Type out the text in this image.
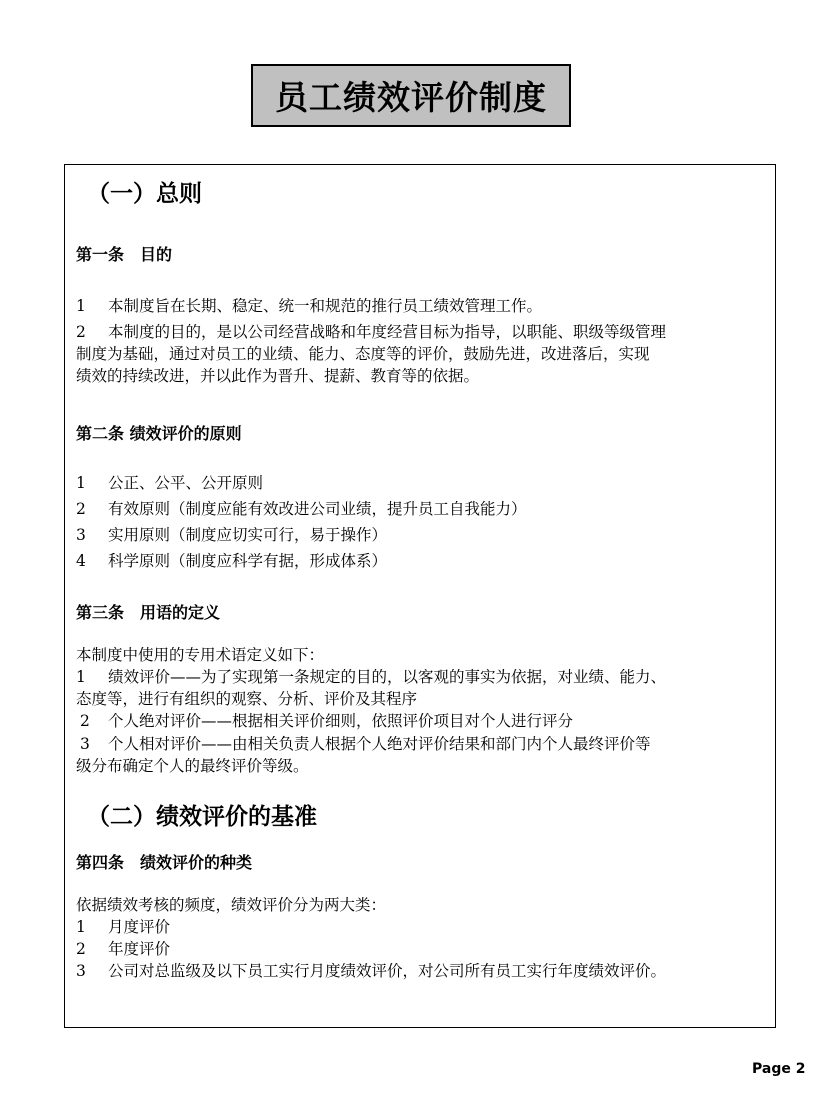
员工绩效评价制度
（一）总则
第一条　目的
1 本制度旨在长期、稳定、统一和规范的推行员工绩效管理工作。
2 本制度的目的，是以公司经营战略和年度经营目标为指导，以职能、职级等级管理
制度为基础，通过对员工的业绩、能力、态度等的评价，鼓励先进，改进落后，实现
绩效的持续改进，并以此作为晋升、提薪、教育等的依据。
第二条 绩效评价的原则
1 公正、公平、公开原则
2 有效原则（制度应能有效改进公司业绩，提升员工自我能力）
3 实用原则（制度应切实可行，易于操作）
4 科学原则（制度应科学有据，形成体系）
第三条　用语的定义
本制度中使用的专用术语定义如下：
1 绩效评价——为了实现第一条规定的目的，以客观的事实为依据，对业绩、能力、
态度等，进行有组织的观察、分析、评价及其程序
2 个人绝对评价——根据相关评价细则，依照评价项目对个人进行评分
3 个人相对评价——由相关负责人根据个人绝对评价结果和部门内个人最终评价等
级分布确定个人的最终评价等级。
（二）绩效评价的基准
第四条　绩效评价的种类
依据绩效考核的频度，绩效评价分为两大类：
1 月度评价
2 年度评价
3 公司对总监级及以下员工实行月度绩效评价，对公司所有员工实行年度绩效评价。
Page 2
